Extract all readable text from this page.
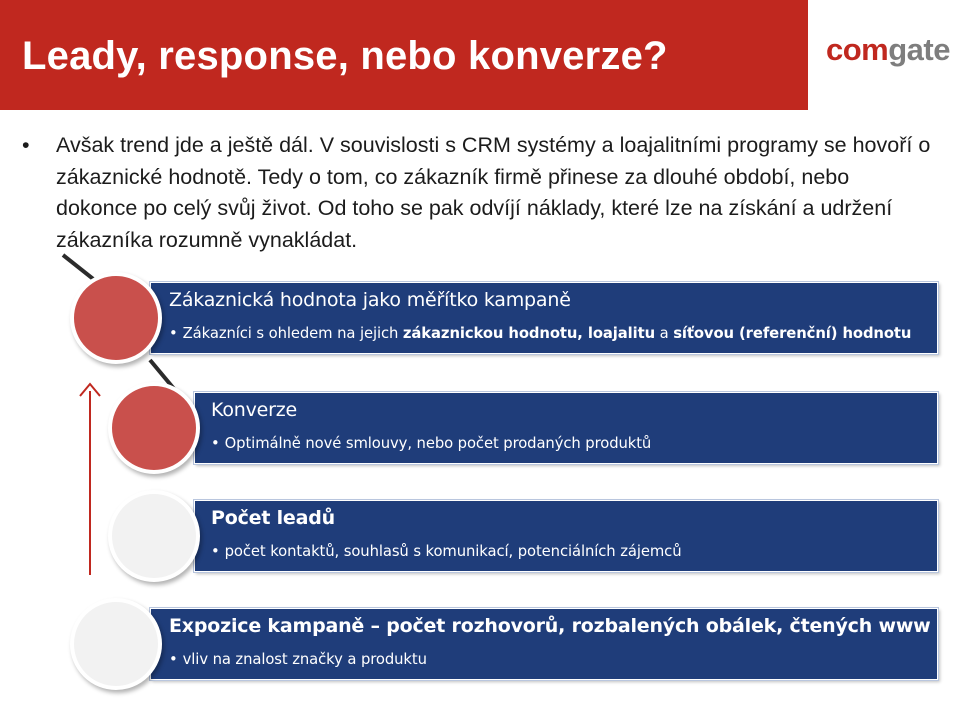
Leady, response, nebo konverze?	comgate

• Avšak trend jde a ještě dál. V souvislosti s CRM systémy a loajalitními programy se hovoří o zákaznické hodnotě. Tedy o tom, co zákazník firmě přinese za dlouhé období, nebo dokonce po celý svůj život. Od toho se pak odvíjí náklady, které lze na získání a udržení zákazníka rozumně vynakládat.

Zákaznická hodnota jako měřítko kampaně
• Zákazníci s ohledem na jejich zákaznickou hodnotu, loajalitu a síťovou (referenční) hodnotu
Konverze
• Optimálně nové smlouvy, nebo počet prodaných produktů
Počet leadů
• počet kontaktů, souhlasů s komunikací, potenciálních zájemců
Expozice kampaně – počet rozhovorů, rozbalených obálek, čtených www
• vliv na znalost značky a produktu
